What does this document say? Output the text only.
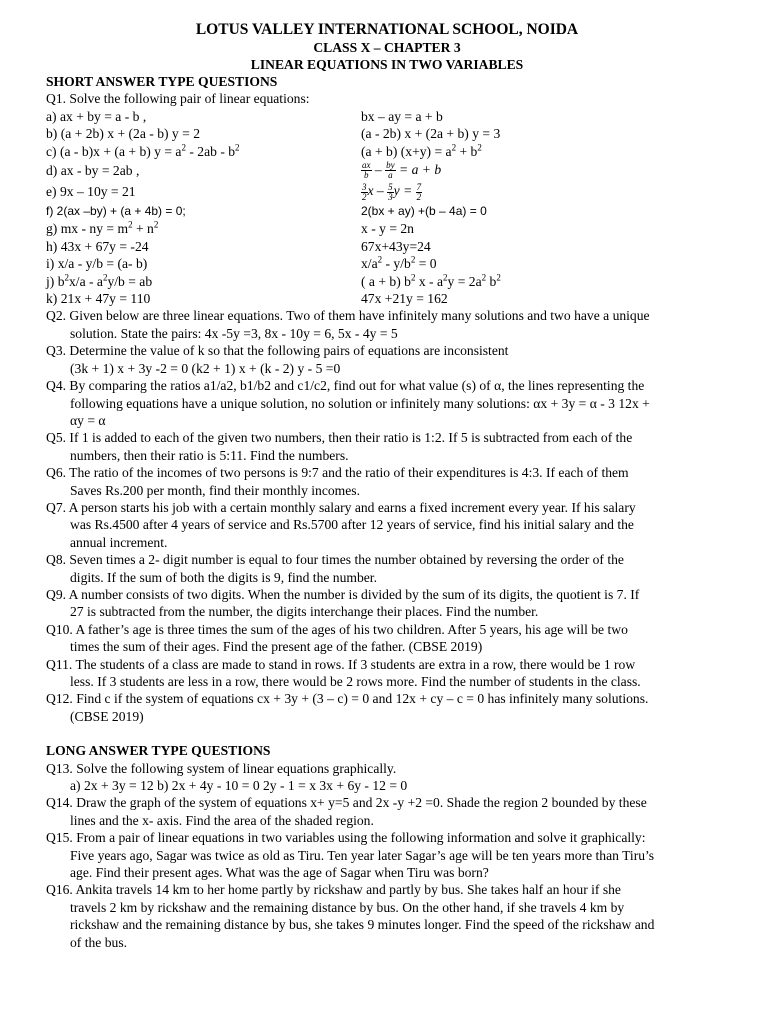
LOTUS VALLEY INTERNATIONAL SCHOOL, NOIDA
CLASS X – CHAPTER 3
LINEAR EQUATIONS IN TWO VARIABLES
SHORT ANSWER TYPE QUESTIONS
Q1. Solve the following pair of linear equations:
a) ax + by = a - b ,	bx – ay = a + b
b) (a + 2b) x + (2a - b) y = 2	(a - 2b) x + (2a + b) y = 3
c) (a - b)x + (a + b) $y = a^2 - 2ab - b^2$	(a + b) $(x+y) = a^2 + b^2$
d) ax - by = 2ab ,	$\frac{ax}{b} - \frac{by}{a} = a + b$
e) 9x – 10y = 21	$\frac{3}{2}$ x – $\frac{5}{3}$ $y = \frac{7}{2}$
f) 2(ax –by) + (a + 4b) = 0;	2(bx + ay) +(b – 4a) = 0
g) mx - ny = $m^2 + n^2$	x - y = 2n
h) 43x + 67y = -24	67x+43y=24
i) x/a - y/b = (a- b)	$x/a^2 - y/b^2 = 0$
j) $b^2x/a - a^2y/b$ = ab	( a + b) $b^2$ $x - a^2y = 2a^2$ $b^2$
k) 21x + 47y = 110	47x +21y = 162
Q2. Given below are three linear equations. Two of them have infinitely many solutions and two have a unique
solution. State the pairs: 4x -5y =3, 8x - 10y = 6, 5x - 4y = 5
Q3. Determine the value of k so that the following pairs of equations are inconsistent
(3k + 1) x + 3y -2 = 0 (k2 + 1) x + (k - 2) y - 5 =0
Q4. By comparing the ratios a1/a2, b1/b2 and c1/c2, find out for what value (s) of α, the lines representing the
following equations have a unique solution, no solution or infinitely many solutions: αx + 3y = α - 3 12x +
αy = α
Q5. If 1 is added to each of the given two numbers, then their ratio is 1:2. If 5 is subtracted from each of the
numbers, then their ratio is 5:11. Find the numbers.
Q6. The ratio of the incomes of two persons is 9:7 and the ratio of their expenditures is 4:3. If each of them
Saves Rs.200 per month, find their monthly incomes.
Q7. A person starts his job with a certain monthly salary and earns a fixed increment every year. If his salary
was Rs.4500 after 4 years of service and Rs.5700 after 12 years of service, find his initial salary and the
annual increment.
Q8. Seven times a 2- digit number is equal to four times the number obtained by reversing the order of the
digits. If the sum of both the digits is 9, find the number.
Q9. A number consists of two digits. When the number is divided by the sum of its digits, the quotient is 7. If
27 is subtracted from the number, the digits interchange their places. Find the number.
Q10. A father’s age is three times the sum of the ages of his two children. After 5 years, his age will be two
times the sum of their ages. Find the present age of the father. (CBSE 2019)
Q11. The students of a class are made to stand in rows. If 3 students are extra in a row, there would be 1 row
less. If 3 students are less in a row, there would be 2 rows more. Find the number of students in the class.
Q12. Find c if the system of equations cx + 3y + (3 – c) = 0 and 12x + cy – c = 0 has infinitely many solutions.
(CBSE 2019)
LONG ANSWER TYPE QUESTIONS
Q13. Solve the following system of linear equations graphically.
a) 2x + 3y = 12 b) 2x + 4y - 10 = 0 2y - 1 = x 3x + 6y - 12 = 0
Q14. Draw the graph of the system of equations x+ y=5 and 2x -y +2 =0. Shade the region 2 bounded by these
lines and the x- axis. Find the area of the shaded region.
Q15. From a pair of linear equations in two variables using the following information and solve it graphically:
Five years ago, Sagar was twice as old as Tiru. Ten year later Sagar’s age will be ten years more than Tiru’s
age. Find their present ages. What was the age of Sagar when Tiru was born?
Q16. Ankita travels 14 km to her home partly by rickshaw and partly by bus. She takes half an hour if she
travels 2 km by rickshaw and the remaining distance by bus. On the other hand, if she travels 4 km by
rickshaw and the remaining distance by bus, she takes 9 minutes longer. Find the speed of the rickshaw and
of the bus.
